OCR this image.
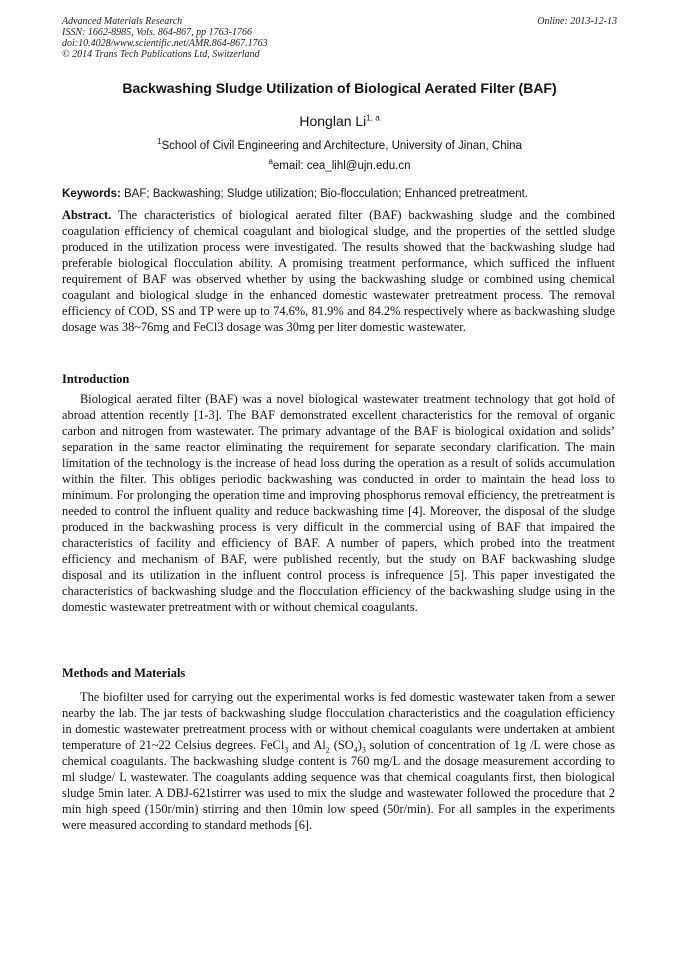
Advanced Materials Research
ISSN: 1662-8985, Vols. 864-867, pp 1763-1766
doi:10.4028/www.scientific.net/AMR.864-867.1763
© 2014 Trans Tech Publications Ltd, Switzerland
Online: 2013-12-13
Backwashing Sludge Utilization of Biological Aerated Filter (BAF)
Honglan Li$^{1, a}$
$^1$School of Civil Engineering and Architecture, University of Jinan, China
$^a$email: cea_lihl@ujn.edu.cn
Keywords: BAF; Backwashing; Sludge utilization; Bio-flocculation; Enhanced pretreatment.
Abstract. The characteristics of biological aerated filter (BAF) backwashing sludge and the combined coagulation efficiency of chemical coagulant and biological sludge, and the properties of the settled sludge produced in the utilization process were investigated. The results showed that the backwashing sludge had preferable biological flocculation ability. A promising treatment performance, which sufficed the influent requirement of BAF was observed whether by using the backwashing sludge or combined using chemical coagulant and biological sludge in the enhanced domestic wastewater pretreatment process. The removal efficiency of COD, SS and TP were up to 74.6%, 81.9% and 84.2% respectively where as backwashing sludge dosage was 38~76mg and FeCl3 dosage was 30mg per liter domestic wastewater.
Introduction
Biological aerated filter (BAF) was a novel biological wastewater treatment technology that got hold of abroad attention recently [1-3]. The BAF demonstrated excellent characteristics for the removal of organic carbon and nitrogen from wastewater. The primary advantage of the BAF is biological oxidation and solids’ separation in the same reactor eliminating the requirement for separate secondary clarification. The main limitation of the technology is the increase of head loss during the operation as a result of solids accumulation within the filter. This obliges periodic backwashing was conducted in order to maintain the head loss to minimum. For prolonging the operation time and improving phosphorus removal efficiency, the pretreatment is needed to control the influent quality and reduce backwashing time [4]. Moreover, the disposal of the sludge produced in the backwashing process is very difficult in the commercial using of BAF that impaired the characteristics of facility and efficiency of BAF. A number of papers, which probed into the treatment efficiency and mechanism of BAF, were published recently, but the study on BAF backwashing sludge disposal and its utilization in the influent control process is infrequence [5]. This paper investigated the characteristics of backwashing sludge and the flocculation efficiency of the backwashing sludge using in the domestic wastewater pretreatment with or without chemical coagulants.
Methods and Materials
The biofilter used for carrying out the experimental works is fed domestic wastewater taken from a sewer nearby the lab. The jar tests of backwashing sludge flocculation characteristics and the coagulation efficiency in domestic wastewater pretreatment process with or without chemical coagulants were undertaken at ambient temperature of 21~22 Celsius degrees. FeCl$_3$ and $Al_2$ $(SO_4)_3$ solution of concentration of 1g /L were chose as chemical coagulants. The backwashing sludge content is 760 mg/L and the dosage measurement according to ml sludge/ L wastewater. The coagulants adding sequence was that chemical coagulants first, then biological sludge 5min later. A DBJ-621stirrer was used to mix the sludge and wastewater followed the procedure that 2 min high speed (150r/min) stirring and then 10min low speed (50r/min). For all samples in the experiments were measured according to standard methods [6].
